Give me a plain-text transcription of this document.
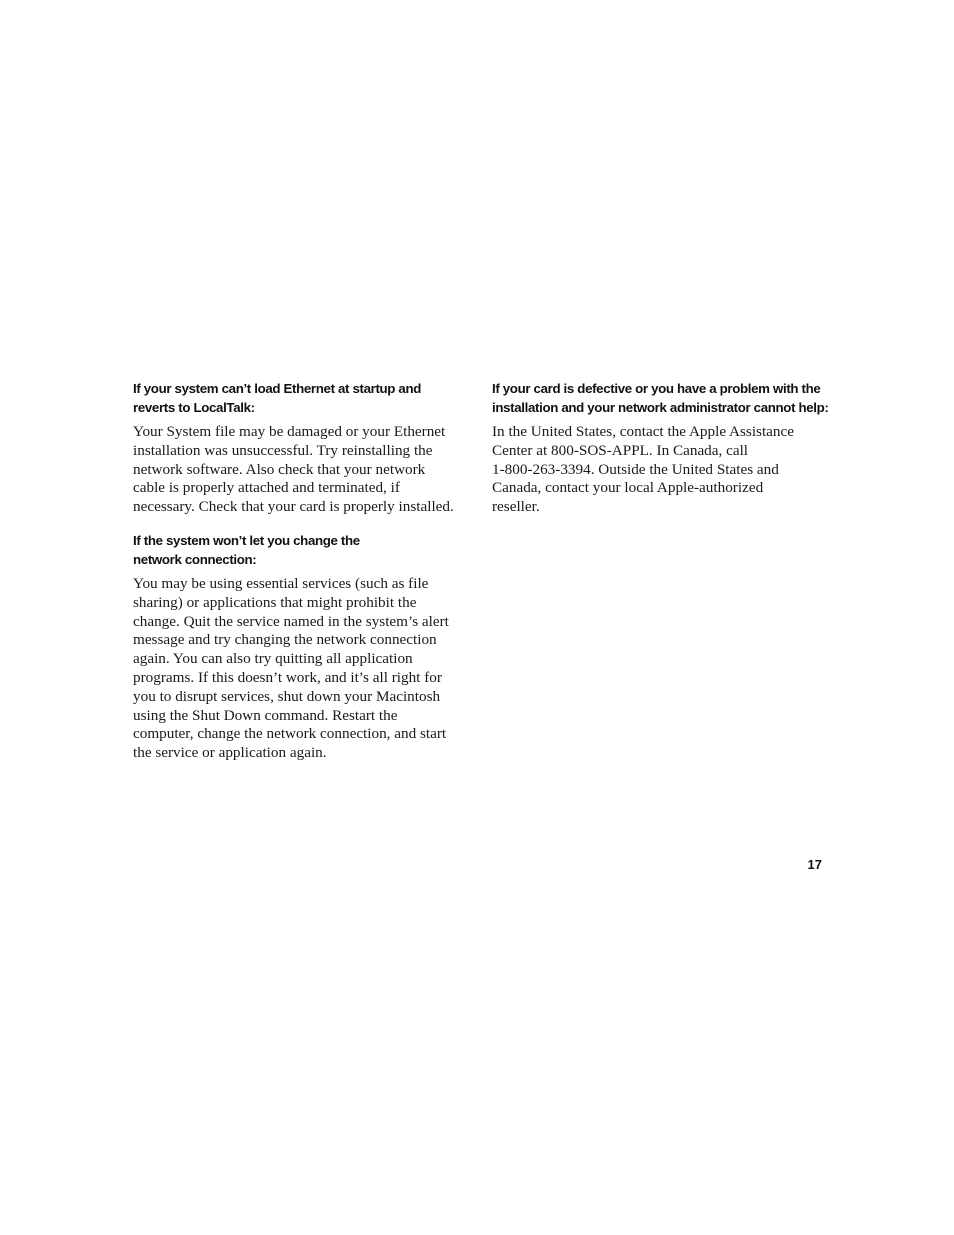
If your system can’t load Ethernet at startup and
reverts to LocalTalk:
Your System file may be damaged or your Ethernet
installation was unsuccessful. Try reinstalling the
network software. Also check that your network
cable is properly attached and terminated, if
necessary. Check that your card is properly installed.
If the system won’t let you change the
network connection:
You may be using essential services (such as file
sharing) or applications that might prohibit the
change. Quit the service named in the system’s alert
message and try changing the network connection
again. You can also try quitting all application
programs. If this doesn’t work, and it’s all right for
you to disrupt services, shut down your Macintosh
using the Shut Down command. Restart the
computer, change the network connection, and start
the service or application again.
If your card is defective or you have a problem with the
installation and your network administrator cannot help:
In the United States, contact the Apple Assistance
Center at 800-SOS-APPL. In Canada, call
1-800-263-3394. Outside the United States and
Canada, contact your local Apple-authorized
reseller.
17
